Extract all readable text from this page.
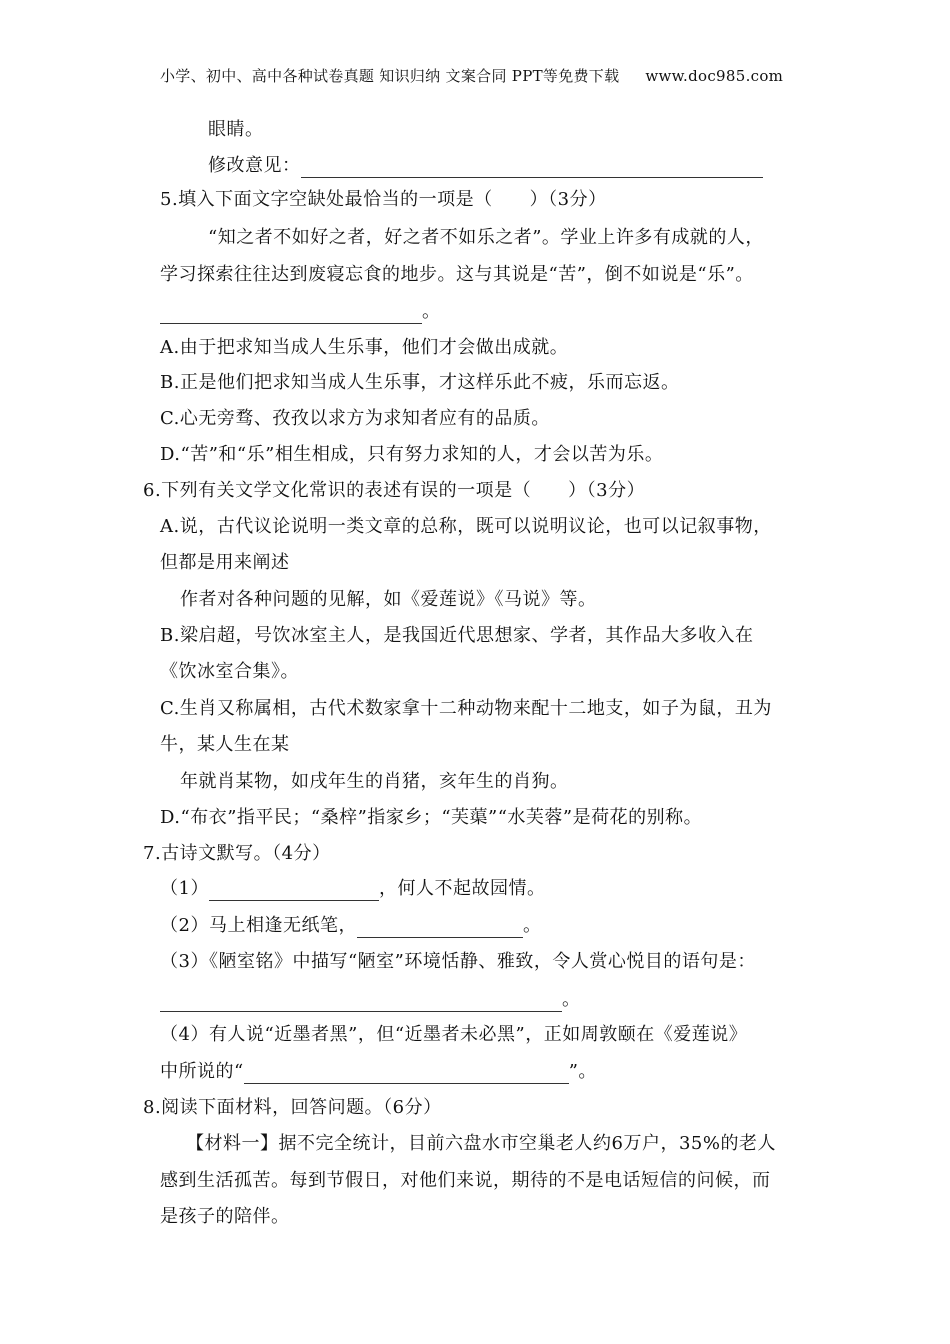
小学、初中、高中各种试卷真题 知识归纳 文案合同 PPT等免费下载 www.doc985.com
眼睛。
修改意见：
5.填入下面文字空缺处最恰当的一项是（　　）（3分）
“知之者不如好之者，好之者不如乐之者”。学业上许多有成就的人，
学习探索往往达到废寝忘食的地步。这与其说是“苦”，倒不如说是“乐”。
。
A.由于把求知当成人生乐事，他们才会做出成就。
B.正是他们把求知当成人生乐事，才这样乐此不疲，乐而忘返。
C.心无旁骛、孜孜以求方为求知者应有的品质。
D.“苦”和“乐”相生相成，只有努力求知的人，才会以苦为乐。
6.下列有关文学文化常识的表述有误的一项是（　　）（3分）
A.说，古代议论说明一类文章的总称，既可以说明议论，也可以记叙事物，
但都是用来阐述
作者对各种问题的见解，如《爱莲说》《马说》等。
B.梁启超，号饮冰室主人，是我国近代思想家、学者，其作品大多收入在
《饮冰室合集》。
C.生肖又称属相，古代术数家拿十二种动物来配十二地支，如子为鼠，丑为
牛，某人生在某
年就肖某物，如戌年生的肖猪，亥年生的肖狗。
D.“布衣”指平民；“桑梓”指家乡；“芙蕖”“水芙蓉”是荷花的别称。
7.古诗文默写。（4分）
（1）	，何人不起故园情。
（2）马上相逢无纸笔，	。
（3）《陋室铭》中描写“陋室”环境恬静、雅致，令人赏心悦目的语句是：
。
（4）有人说“近墨者黑”，但“近墨者未必黑”，正如周敦颐在《爱莲说》
中所说的“	”。
8.阅读下面材料，回答问题。（6分）
【材料一】据不完全统计，目前六盘水市空巢老人约6万户，35%的老人
感到生活孤苦。每到节假日，对他们来说，期待的不是电话短信的问候，而
是孩子的陪伴。
